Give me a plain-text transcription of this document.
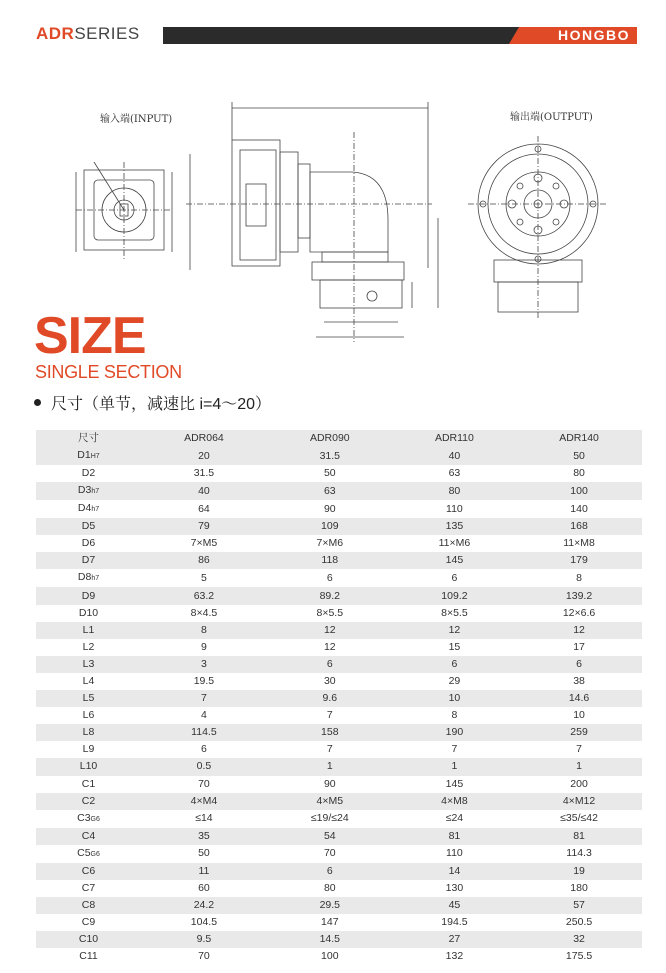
ADRSERIES	HONGBO
输入端(INPUT)	输出端(OUTPUT)
SIZE
SINGLE SECTION
尺寸（单节，减速比 i=4～20）
尺寸	ADR064	ADR090	ADR110	ADR140
D1H7	20	31.5	40	50
D2	31.5	50	63	80
D3h7	40	63	80	100
D4h7	64	90	110	140
D5	79	109	135	168
D6	7×M5	7×M6	11×M6	11×M8
D7	86	118	145	179
D8h7	5	6	6	8
D9	63.2	89.2	109.2	139.2
D10	8×4.5	8×5.5	8×5.5	12×6.6
L1	8	12	12	12
L2	9	12	15	17
L3	3	6	6	6
L4	19.5	30	29	38
L5	7	9.6	10	14.6
L6	4	7	8	10
L8	114.5	158	190	259
L9	6	7	7	7
L10	0.5	1	1	1
C1	70	90	145	200
C2	4×M4	4×M5	4×M8	4×M12
C3G6	≤14	≤19/≤24	≤24	≤35/≤42
C4	35	54	81	81
C5G6	50	70	110	114.3
C6	11	6	14	19
C7	60	80	130	180
C8	24.2	29.5	45	57
C9	104.5	147	194.5	250.5
C10	9.5	14.5	27	32
C11	70	100	132	175.5
